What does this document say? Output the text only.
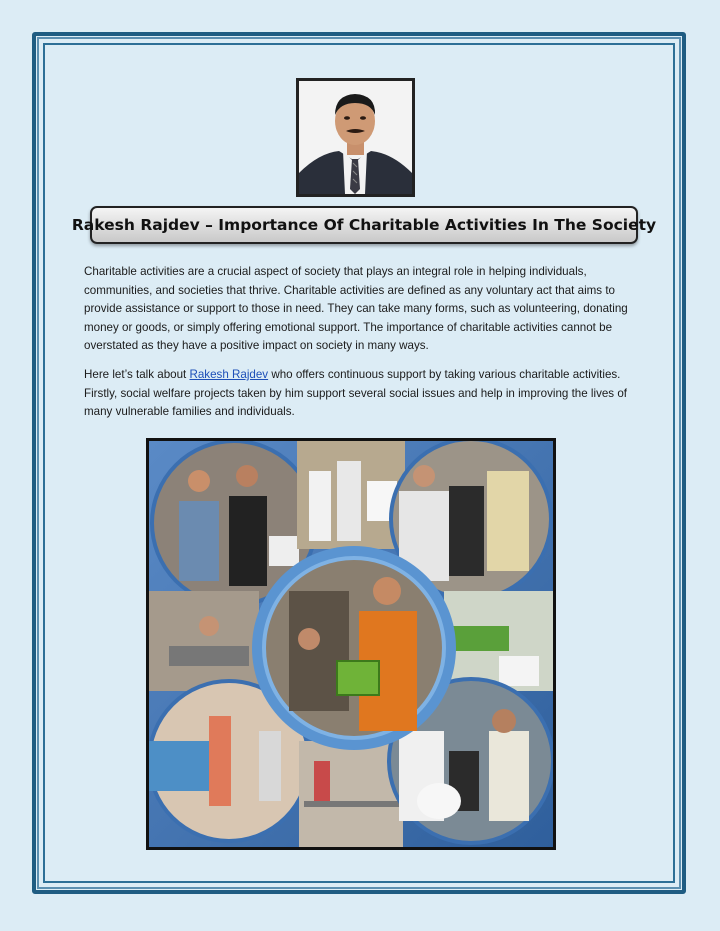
Rakesh Rajdev – Importance Of Charitable Activities In The Society

Charitable activities are a crucial aspect of society that plays an integral role in helping individuals, communities, and societies that thrive. Charitable activities are defined as any voluntary act that aims to provide assistance or support to those in need. They can take many forms, such as volunteering, donating money or goods, or simply offering emotional support. The importance of charitable activities cannot be overstated as they have a positive impact on society in many ways.

Here let’s talk about Rakesh Rajdev who offers continuous support by taking various charitable activities. Firstly, social welfare projects taken by him support several social issues and help in improving the lives of many vulnerable families and individuals.
